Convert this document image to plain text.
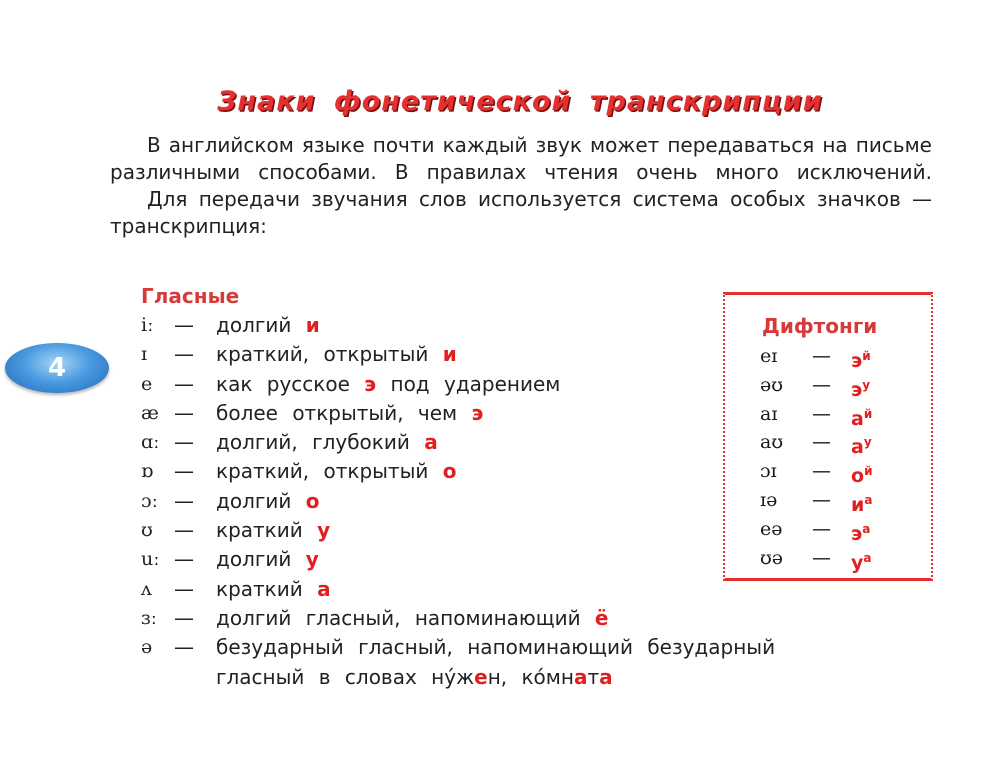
Знаки фонетической транскрипции

В английском языке почти каждый звук может передаваться на письме различными способами. В правилах чтения очень много исключений.

Для передачи звучания слов используется система особых значков — транскрипция:

4
Гласные
iː	— долгий и
ɪ	— краткий, открытый и
e	— как русское э под ударением
æ — более открытый, чем э
ɑː — долгий, глубокий а
ɒ	— краткий, открытый о
ɔː — долгий о
ʊ	— краткий у
uː — долгий у
ʌ	— краткий а
ɜː — долгий гласный, напоминающий ё
ə	— безударный гласный, напоминающий безударный
гласный в словах ну́жен, ко́мната
Дифтонги
eɪ — $э^й$
əʊ — $э^у$
aɪ — $а^й$
aʊ — $а^у$
ɔɪ — $о^й$
ɪə — $и^а$
eə — $э^а$
ʊə — $у^а$
